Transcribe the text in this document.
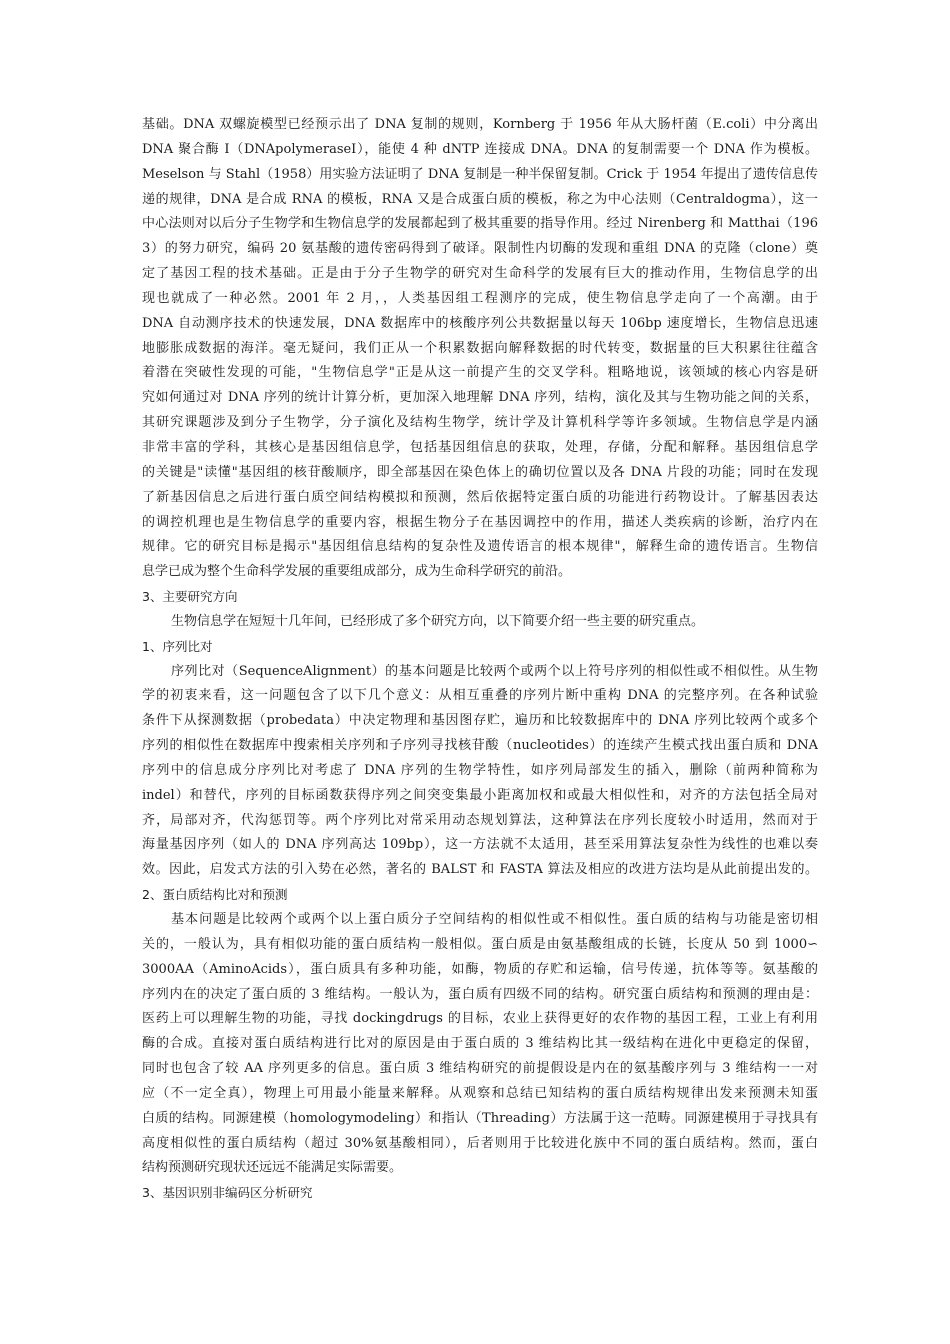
基础。DNA 双螺旋模型已经预示出了 DNA 复制的规则，Kornberg 于 1956 年从大肠杆菌（E.coli）中分离出
DNA 聚合酶 I（DNApolymeraseI），能使 4 种 dNTP 连接成 DNA。DNA 的复制需要一个 DNA 作为模板。
Meselson 与 Stahl（1958）用实验方法证明了 DNA 复制是一种半保留复制。Crick 于 1954 年提出了遗传信息传
递的规律，DNA 是合成 RNA 的模板，RNA 又是合成蛋白质的模板，称之为中心法则（Centraldogma），这一
中心法则对以后分子生物学和生物信息学的发展都起到了极其重要的指导作用。经过 Nirenberg 和 Matthai（196
3）的努力研究，编码 20 氨基酸的遗传密码得到了破译。限制性内切酶的发现和重组 DNA 的克隆（clone）奠
定了基因工程的技术基础。正是由于分子生物学的研究对生命科学的发展有巨大的推动作用，生物信息学的出
现也就成了一种必然。2001 年 2 月，，人类基因组工程测序的完成，使生物信息学走向了一个高潮。由于
DNA 自动测序技术的快速发展，DNA 数据库中的核酸序列公共数据量以每天 106bp 速度增长，生物信息迅速
地膨胀成数据的海洋。毫无疑问，我们正从一个积累数据向解释数据的时代转变，数据量的巨大积累往往蕴含
着潜在突破性发现的可能，"生物信息学"正是从这一前提产生的交叉学科。粗略地说，该领域的核心内容是研
究如何通过对 DNA 序列的统计计算分析，更加深入地理解 DNA 序列，结构，演化及其与生物功能之间的关系，
其研究课题涉及到分子生物学，分子演化及结构生物学，统计学及计算机科学等许多领域。生物信息学是内涵
非常丰富的学科，其核心是基因组信息学，包括基因组信息的获取，处理，存储，分配和解释。基因组信息学
的关键是"读懂"基因组的核苷酸顺序，即全部基因在染色体上的确切位置以及各 DNA 片段的功能；同时在发现
了新基因信息之后进行蛋白质空间结构模拟和预测，然后依据特定蛋白质的功能进行药物设计。了解基因表达
的调控机理也是生物信息学的重要内容，根据生物分子在基因调控中的作用，描述人类疾病的诊断，治疗内在
规律。它的研究目标是揭示"基因组信息结构的复杂性及遗传语言的根本规律"，解释生命的遗传语言。生物信
息学已成为整个生命科学发展的重要组成部分，成为生命科学研究的前沿。
3、主要研究方向
生物信息学在短短十几年间，已经形成了多个研究方向，以下简要介绍一些主要的研究重点。
1、序列比对
序列比对（SequenceAlignment）的基本问题是比较两个或两个以上符号序列的相似性或不相似性。从生物
学的初衷来看，这一问题包含了以下几个意义：从相互重叠的序列片断中重构 DNA 的完整序列。在各种试验
条件下从探测数据（probedata）中决定物理和基因图存贮，遍历和比较数据库中的 DNA 序列比较两个或多个
序列的相似性在数据库中搜索相关序列和子序列寻找核苷酸（nucleotides）的连续产生模式找出蛋白质和 DNA
序列中的信息成分序列比对考虑了 DNA 序列的生物学特性，如序列局部发生的插入，删除（前两种简称为
indel）和替代，序列的目标函数获得序列之间突变集最小距离加权和或最大相似性和，对齐的方法包括全局对
齐，局部对齐，代沟惩罚等。两个序列比对常采用动态规划算法，这种算法在序列长度较小时适用，然而对于
海量基因序列（如人的 DNA 序列高达 109bp），这一方法就不太适用，甚至采用算法复杂性为线性的也难以奏
效。因此，启发式方法的引入势在必然，著名的 BALST 和 FASTA 算法及相应的改进方法均是从此前提出发的。
2、蛋白质结构比对和预测
基本问题是比较两个或两个以上蛋白质分子空间结构的相似性或不相似性。蛋白质的结构与功能是密切相
关的，一般认为，具有相似功能的蛋白质结构一般相似。蛋白质是由氨基酸组成的长链，长度从 50 到 1000∽
3000AA（AminoAcids），蛋白质具有多种功能，如酶，物质的存贮和运输，信号传递，抗体等等。氨基酸的
序列内在的决定了蛋白质的 3 维结构。一般认为，蛋白质有四级不同的结构。研究蛋白质结构和预测的理由是：
医药上可以理解生物的功能，寻找 dockingdrugs 的目标，农业上获得更好的农作物的基因工程，工业上有利用
酶的合成。直接对蛋白质结构进行比对的原因是由于蛋白质的 3 维结构比其一级结构在进化中更稳定的保留，
同时也包含了较 AA 序列更多的信息。蛋白质 3 维结构研究的前提假设是内在的氨基酸序列与 3 维结构一一对
应（不一定全真），物理上可用最小能量来解释。从观察和总结已知结构的蛋白质结构规律出发来预测未知蛋
白质的结构。同源建模（homologymodeling）和指认（Threading）方法属于这一范畴。同源建模用于寻找具有
高度相似性的蛋白质结构（超过 30%氨基酸相同），后者则用于比较进化族中不同的蛋白质结构。然而，蛋白
结构预测研究现状还远远不能满足实际需要。
3、基因识别非编码区分析研究
